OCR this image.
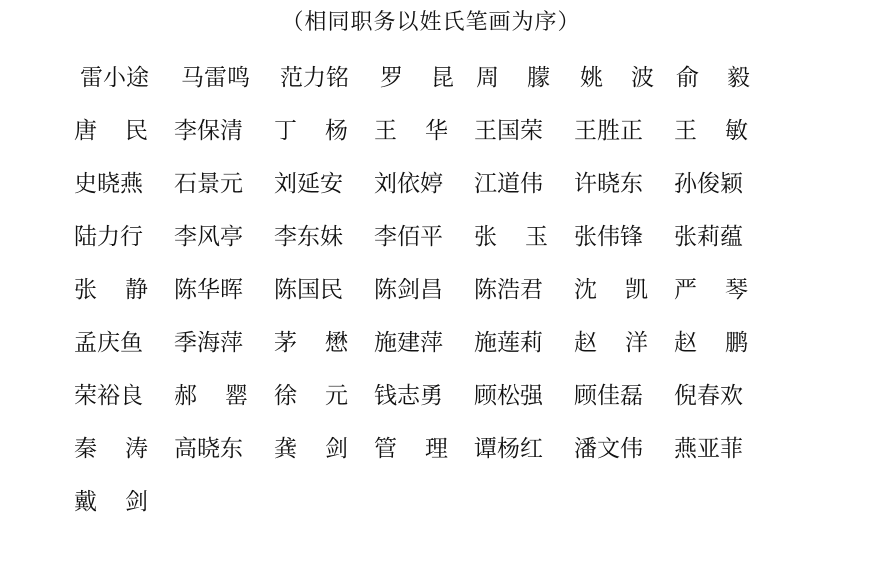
（相同职务以姓氏笔画为序）
雷小途 马雷鸣 范力铭 罗 昆 周 朦 姚 波 俞 毅
唐 民 李保清 丁 杨 王 华 王国荣 王胜正 王 敏
史晓燕 石景元 刘延安 刘依婷 江道伟 许晓东 孙俊颖
陆力行 李风亭 李东妹 李佰平 张 玉 张伟锋 张莉蕴
张 静 陈华晖 陈国民 陈剑昌 陈浩君 沈 凯 严 琴
孟庆鱼 季海萍 茅 懋 施建萍 施莲莉 赵 洋 赵 鹏
荣裕良 郝 罂 徐 元 钱志勇 顾松强 顾佳磊 倪春欢
秦 涛 高晓东 龚 剑 管 理 谭杨红 潘文伟 燕亚菲
戴 剑
